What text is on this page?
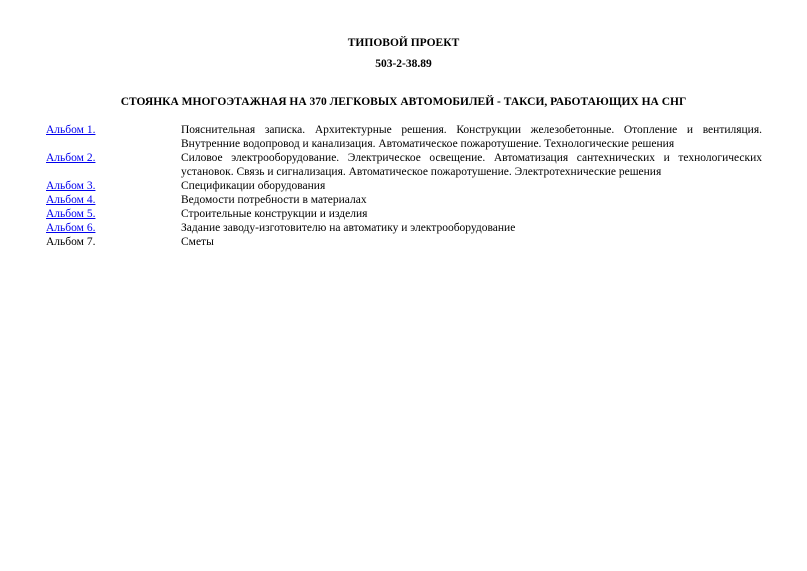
ТИПОВОЙ ПРОЕКТ
503-2-38.89
СТОЯНКА МНОГОЭТАЖНАЯ НА 370 ЛЕГКОВЫХ АВТОМОБИЛЕЙ - ТАКСИ, РАБОТАЮЩИХ НА СНГ
Альбом 1.	Пояснительная записка. Архитектурные решения. Конструкции железобетонные. Отопление и вентиляция. Внутренние водопровод и канализация. Автоматическое пожаротушение. Технологические решения
Альбом 2.	Силовое электрооборудование. Электрическое освещение. Автоматизация сантехнических и технологических установок. Связь и сигнализация. Автоматическое пожаротушение. Электротехнические решения
Альбом 3.	Спецификации оборудования
Альбом 4.	Ведомости потребности в материалах
Альбом 5.	Строительные конструкции и изделия
Альбом 6.	Задание заводу-изготовителю на автоматику и электрооборудование
Альбом 7.	Сметы
